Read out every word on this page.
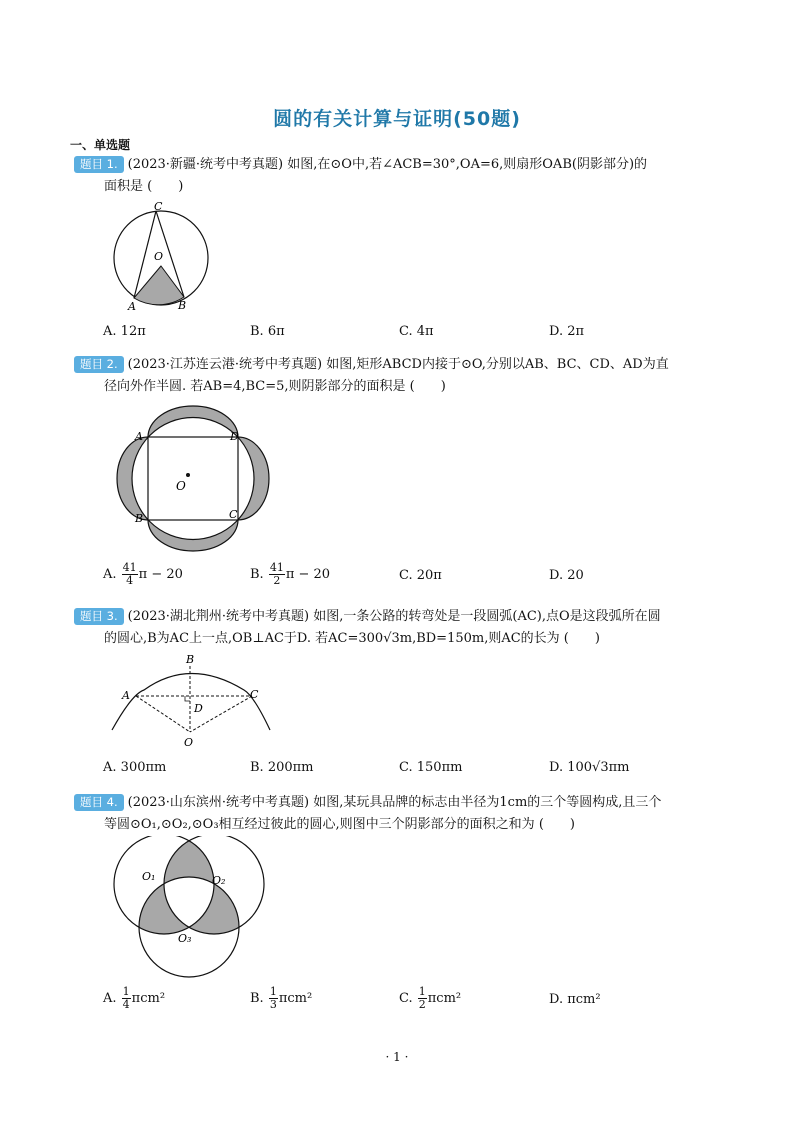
圆的有关计算与证明(50题)
一、单选题

题目 1. (2023·新疆·统考中考真题) 如图,在⊙O中,若∠ACB=30°,OA=6,则扇形OAB(阴影部分)的

面积是 (　　)

C
O
A	B
A. 12π	B. 6π	C. 4π	D. 2π

题目 2. (2023·江苏连云港·统考中考真题) 如图,矩形ABCD内接于⊙O,分别以AB、BC、CD、AD为直

径向外作半圆. 若AB=4,BC=5,则阴影部分的面积是 (　　)

A	D
O
B	C
A. $\frac{41}{4}$ π − 20	B. $\frac{41}{2}$ π − 20	C. 20π	D. 20

题目 3. (2023·湖北荆州·统考中考真题) 如图,一条公路的转弯处是一段圆弧(AC),点O是这段弧所在圆

的圆心,B为AC上一点,OB⊥AC于D. 若AC=300√3m,BD=150m,则AC的长为 (　　)

B
A	C
D
O
A. 300πm	B. 200πm	C. 150πm	D. 100√3πm

题目 4. (2023·山东滨州·统考中考真题) 如图,某玩具品牌的标志由半径为1cm的三个等圆构成,且三个

等圆⊙O₁,⊙O₂,⊙O₃相互经过彼此的圆心,则图中三个阴影部分的面积之和为 (　　)

O₁	O₂
O₃
A. $\frac{1}{4} \pi cm^2$	B. $\frac{1}{3} \pi cm^2$	C. $\frac{1}{2} \pi cm^2$	D. πcm²
· 1 ·
